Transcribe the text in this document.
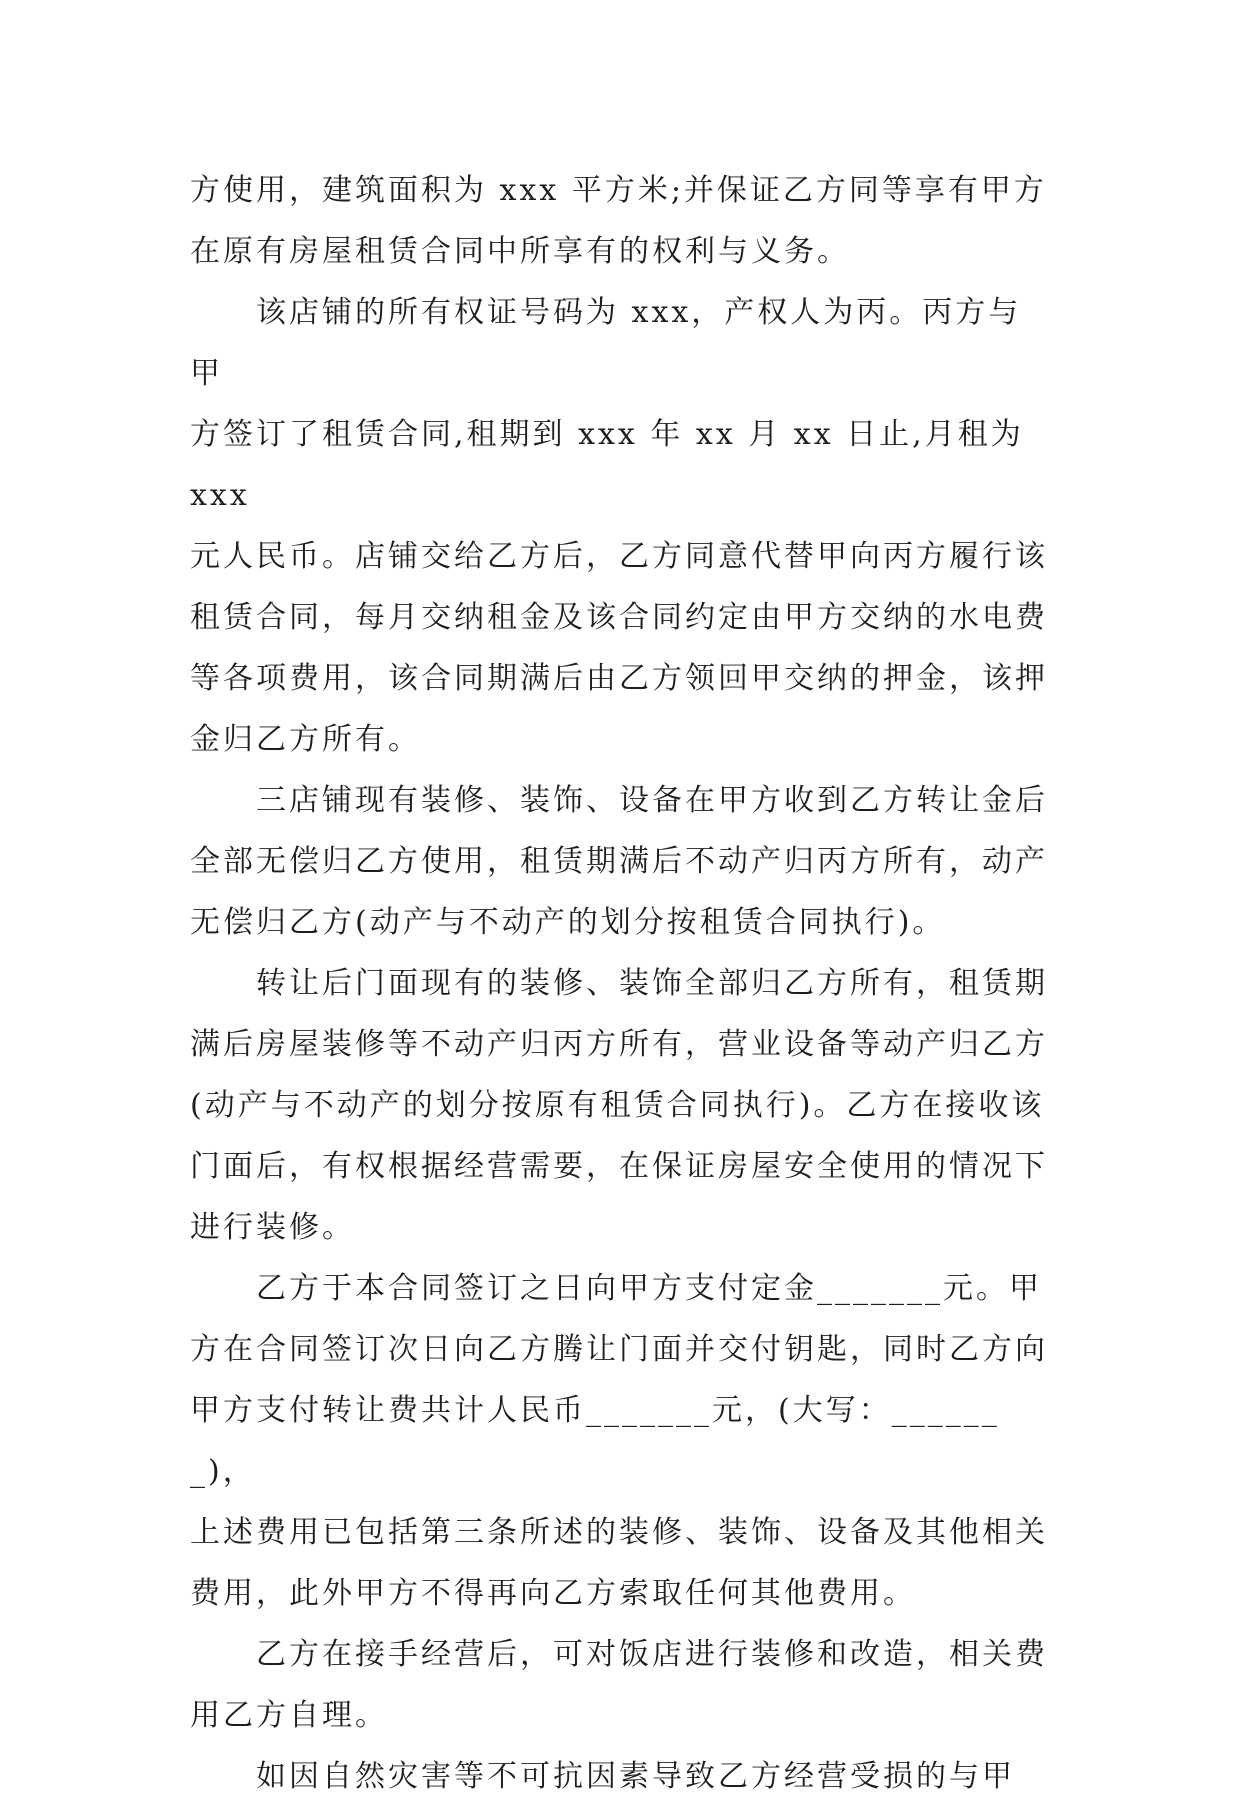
方使用，建筑面积为 xxx 平方米;并保证乙方同等享有甲方
在原有房屋租赁合同中所享有的权利与义务。

该店铺的所有权证号码为 xxx，产权人为丙。丙方与甲
方签订了租赁合同,租期到 xxx 年 xx 月 xx 日止,月租为 xxx
元人民币。店铺交给乙方后，乙方同意代替甲向丙方履行该
租赁合同，每月交纳租金及该合同约定由甲方交纳的水电费
等各项费用，该合同期满后由乙方领回甲交纳的押金，该押
金归乙方所有。

三店铺现有装修、装饰、设备在甲方收到乙方转让金后
全部无偿归乙方使用，租赁期满后不动产归丙方所有，动产
无偿归乙方(动产与不动产的划分按租赁合同执行)。

转让后门面现有的装修、装饰全部归乙方所有，租赁期
满后房屋装修等不动产归丙方所有，营业设备等动产归乙方
(动产与不动产的划分按原有租赁合同执行)。乙方在接收该
门面后，有权根据经营需要，在保证房屋安全使用的情况下
进行装修。

乙方于本合同签订之日向甲方支付定金_______元。甲
方在合同签订次日向乙方腾让门面并交付钥匙，同时乙方向
甲方支付转让费共计人民币_______元，(大写：_______)，
上述费用已包括第三条所述的装修、装饰、设备及其他相关
费用，此外甲方不得再向乙方索取任何其他费用。

乙方在接手经营后，可对饭店进行装修和改造，相关费
用乙方自理。

如因自然灾害等不可抗因素导致乙方经营受损的与甲
